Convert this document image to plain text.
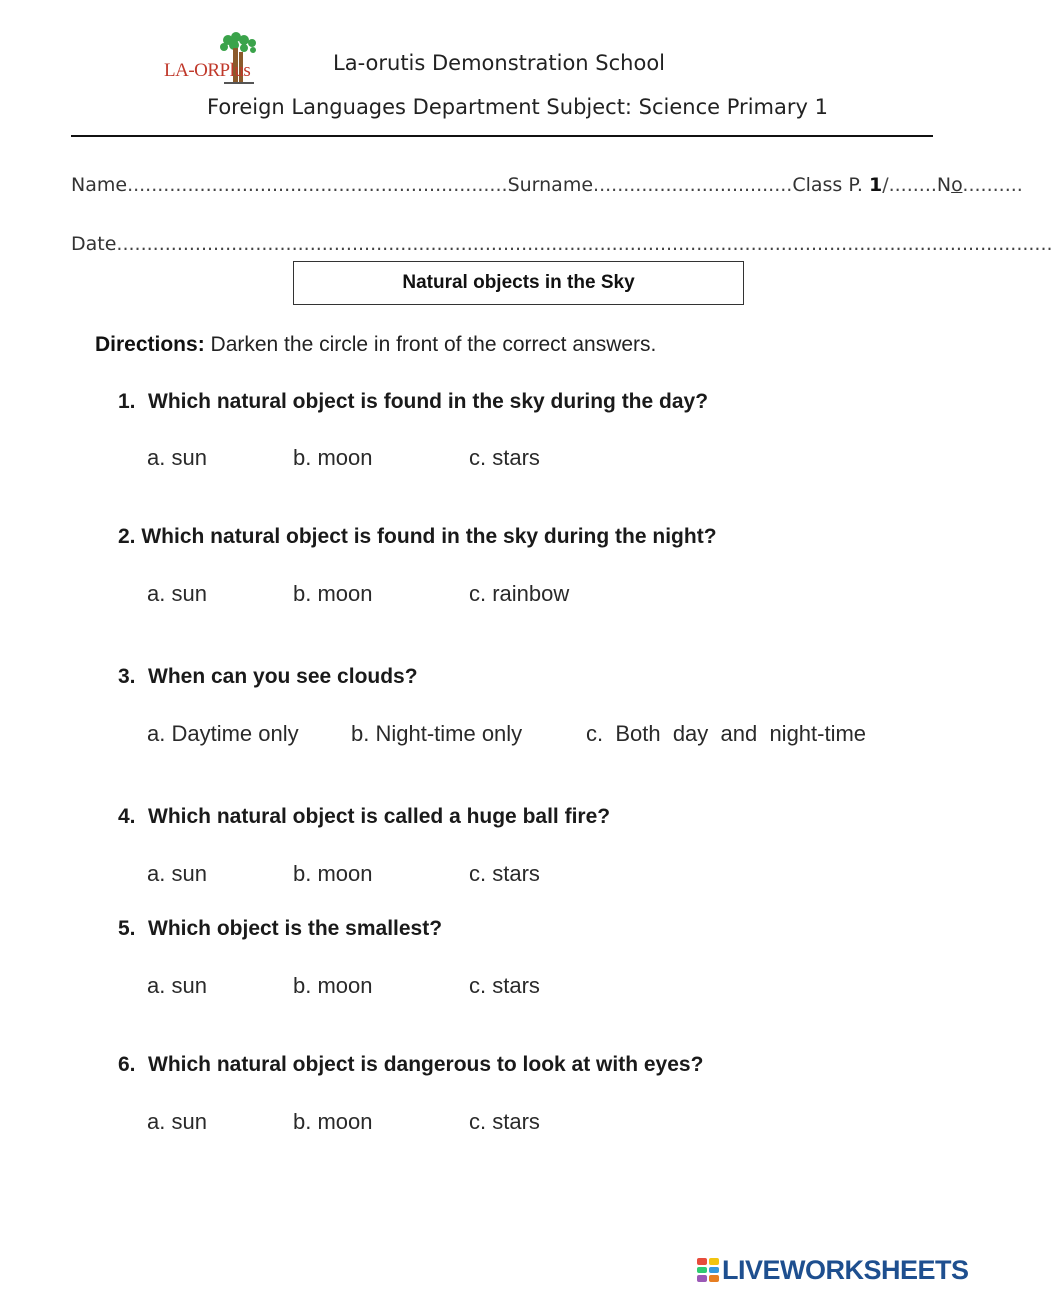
LA-ORPlus	La-orutis Demonstration School
Foreign Languages Department Subject: Science Primary 1
Name...............................................................Surname.................................Class P. 1/........No..........
Date...........................................................................................................................................................
Natural objects in the Sky
Directions: Darken the circle in front of the correct answers.
1. Which natural object is found in the sky during the day?
a. sun	b. moon	c. stars
2. Which natural object is found in the sky during the night?
a. sun	b. moon	c. rainbow
3. When can you see clouds?
a. Daytime only b. Night-time only	c.  Both  day  and  night-time
4. Which natural object is called a huge ball fire?
a. sun	b. moon	c. stars
5. Which object is the smallest?
a. sun	b. moon	c. stars
6. Which natural object is dangerous to look at with eyes?
a. sun	b. moon	c. stars
LIVEWORKSHEETS
